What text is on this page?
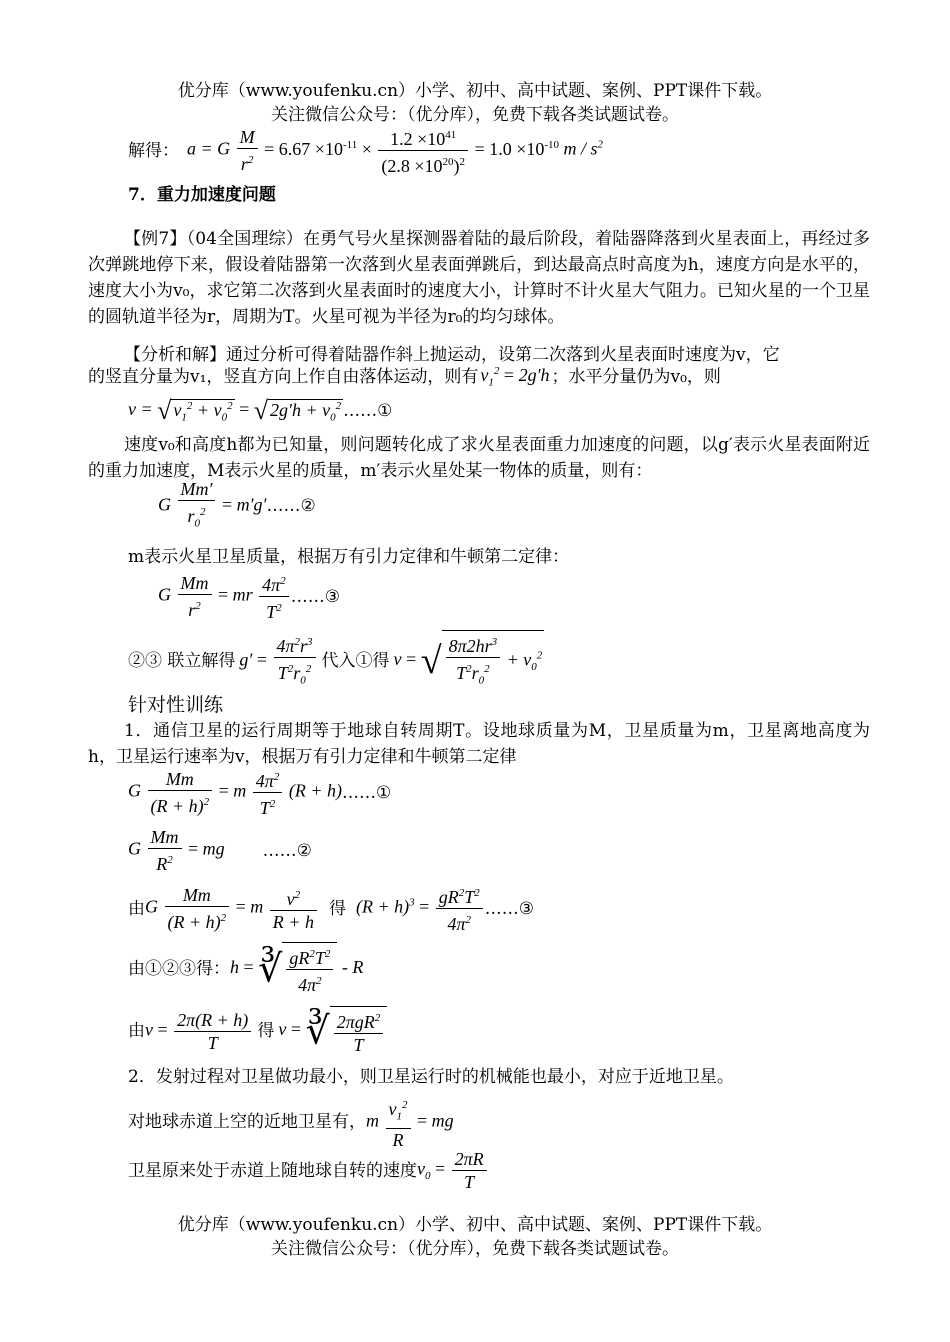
优分库（www.youfenku.cn）小学、初中、高中试题、案例、PPT课件下载。
关注微信公众号：（优分库），免费下载各类试题试卷。
解得： a = G $\frac{M}{r^2} = 6.67 \times 10^{-11} \times \frac{1.2 \times 10^{41}}{(2.8 \times 10^{20})^2} = 1.0 \times 10^{-10}$ m / $s^2$
7．重力加速度问题
【例7】（04全国理综）在勇气号火星探测器着陆的最后阶段，着陆器降落到火星表面上，再经过多次弹跳地停下来，假设着陆器第一次落到火星表面弹跳后，到达最高点时高度为h，速度方向是水平的，速度大小为v₀，求它第二次落到火星表面时的速度大小，计算时不计火星大气阻力。已知火星的一个卫星的圆轨道半径为r，周期为T。火星可视为半径为r₀的均匀球体。
【分析和解】通过分析可得着陆器作斜上抛运动，设第二次落到火星表面时速度为v，它
的竖直分量为v₁，竖直方向上作自由落体运动，则有 $v_1^2 = 2g'h$ ；水平分量仍为v₀，则
v = √ $v_1^2 + v_0^2$ = √ $2g'h + v_0^2$ ……①
速度v₀和高度h都为已知量，则问题转化成了求火星表面重力加速度的问题，以g′表示火星表面附近的重力加速度，M表示火星的质量，m′表示火星处某一物体的质量，则有：
G $\frac{Mm'}{r_0^2} = m'g'$ ……②
m表示火星卫星质量，根据万有引力定律和牛顿第二定律：
G $\frac{Mm}{r^2}$ = mr $\frac{4\pi^2}{T^2}$ ……③
②③ 联立解得 $g' = \frac{4\pi^2r^3}{T^2r_0^2}$ 代入①得 v = √ $\frac{8\pi 2hr^3}{T^2r_0^2} + v_0^2$
针对性训练
1．通信卫星的运行周期等于地球自转周期T。设地球质量为M，卫星质量为m，卫星离地高度为h，卫星运行速率为v，根据万有引力定律和牛顿第二定律
G $\frac{Mm}{(R + h)^2} = m \frac{4\pi^2}{T^2} (R + h)$ ……①
G $\frac{Mm}{R^2}$ = mg ……②
由 G $\frac{Mm}{(R + h)^2} = m \frac{v^2}{R + h}$ 得 $(R + h)^3 = \frac{gR^2T^2}{4\pi^2}$ ……③
由①②③得： h = ∛ $\frac{gR^2T^2}{4\pi^2}$ - R
由 $v = \frac{2\pi(R + h)}{T}$ 得 v = ∛ $\frac{2\pi gR^2}{T}$
2．发射过程对卫星做功最小，则卫星运行时的机械能也最小，对应于近地卫星。
对地球赤道上空的近地卫星有， m $\frac{v_1^2}{R}$ = mg
卫星原来处于赤道上随地球自转的速度 $v_0 = \frac{2\pi R}{T}$
优分库（www.youfenku.cn）小学、初中、高中试题、案例、PPT课件下载。
关注微信公众号：（优分库），免费下载各类试题试卷。
